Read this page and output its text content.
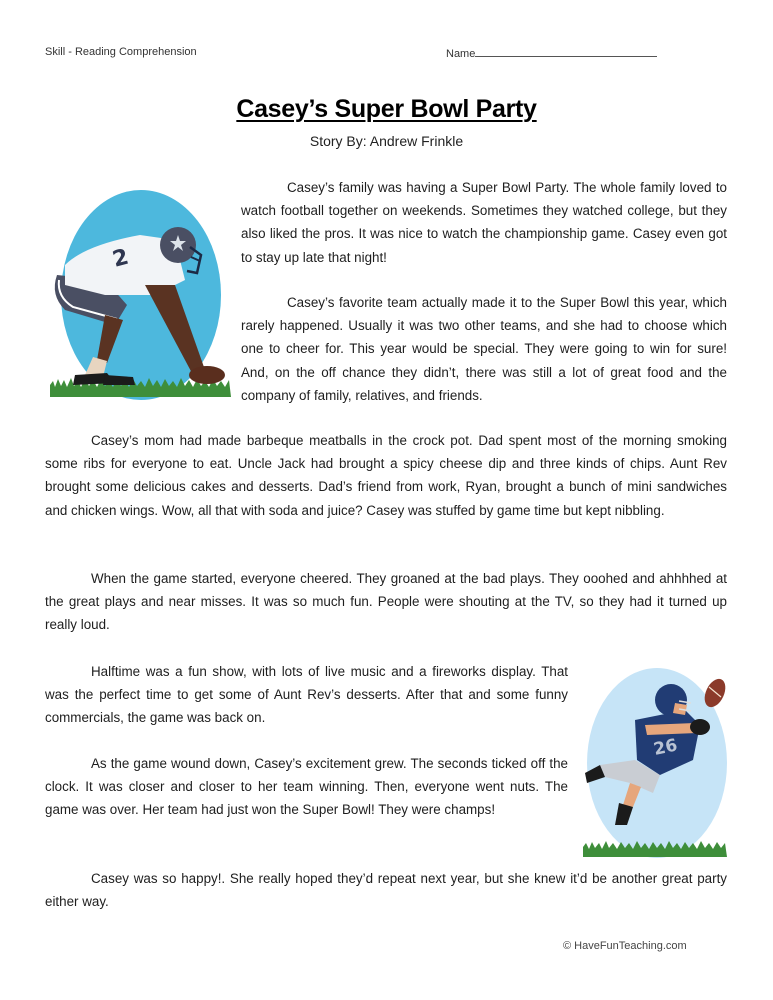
Skill - Reading Comprehension	Name
Casey’s Super Bowl Party
Story By: Andrew Frinkle
2

Casey’s family was having a Super Bowl Party. The whole family loved to watch football together on weekends. Sometimes they watched college, but they also liked the pros. It was nice to watch the championship game. Casey even got to stay up late that night!

Casey’s favorite team actually made it to the Super Bowl this year, which rarely happened. Usually it was two other teams, and she had to choose which one to cheer for. This year would be special. They were going to win for sure! And, on the off chance they didn’t, there was still a lot of great food and the company of family, relatives, and friends.

Casey’s mom had made barbeque meatballs in the crock pot. Dad spent most of the morning smoking some ribs for everyone to eat. Uncle Jack had brought a spicy cheese dip and three kinds of chips. Aunt Rev brought some delicious cakes and desserts. Dad’s friend from work, Ryan, brought a bunch of mini sandwiches and chicken wings. Wow, all that with soda and juice? Casey was stuffed by game time but kept nibbling.

When the game started, everyone cheered. They groaned at the bad plays. They ooohed and ahhhhed at the great plays and near misses. It was so much fun. People were shouting at the TV, so they had it turned up really loud.

Halftime was a fun show, with lots of live music and a fireworks display. That was the perfect time to get some of Aunt Rev’s desserts. After that and some funny commercials, the game was back on.

As the game wound down, Casey’s excitement grew. The seconds ticked off the clock. It was closer and closer to her team winning. Then, everyone went nuts. The game was over. Her team had just won the Super Bowl! They were champs!

Casey was so happy!. She really hoped they’d repeat next year, but she knew it’d be another great party either way.

26
© HaveFunTeaching.com
